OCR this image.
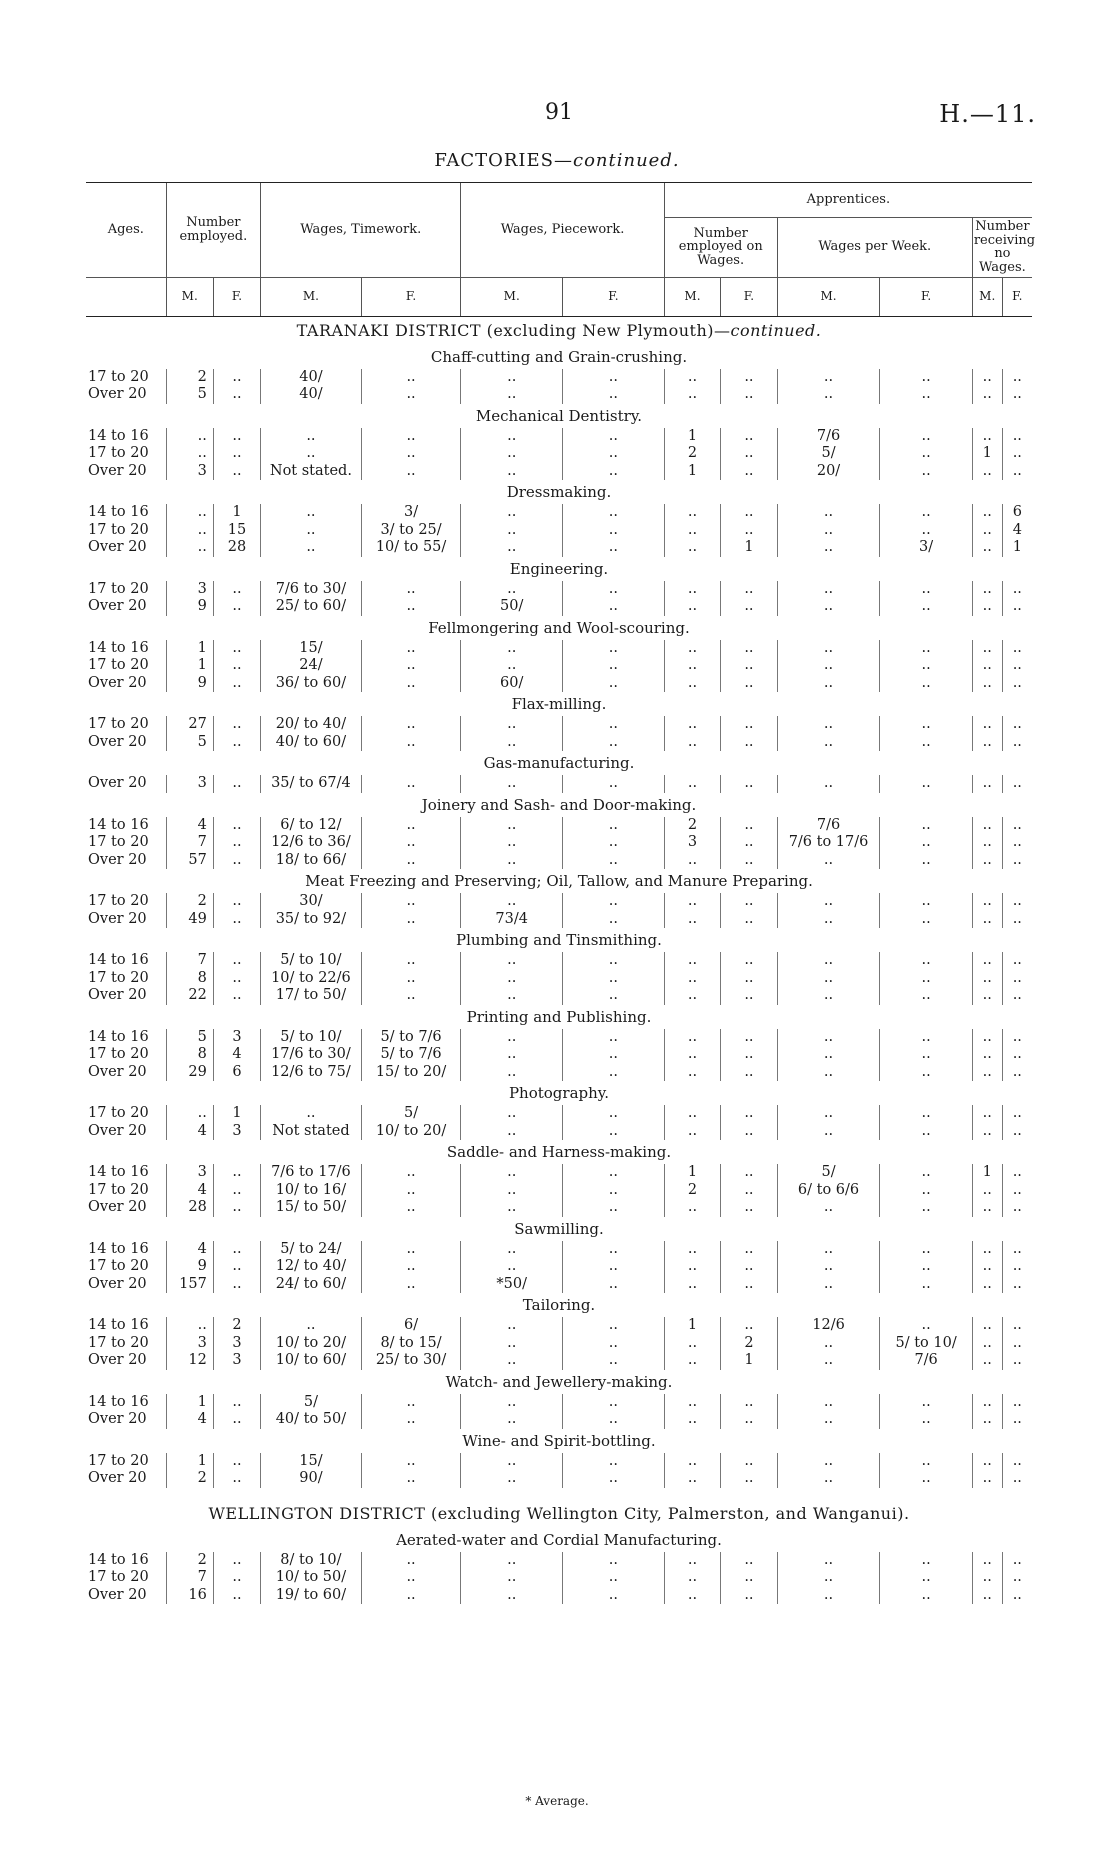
91	H.—11.
FACTORIES—continued.
Ages.	Number employed.		Wages, Timework.		Wages, Piecework.		Apprentices.					
							Number employed on Wages.		Wages per Week.		Number receiving no Wages.	
	M.	F.	M.	F.	M.	F.	M.	F.	M.	F.	M.	F.
TARANAKI DISTRICT (excluding New Plymouth)—continued.												
Chaff-cutting and Grain-crushing.												
17 to 20	2	..	40/	..	..	..	..	..	..	..	..	..
Over 20	5	..	40/	..	..	..	..	..	..	..	..	..
Mechanical Dentistry.												
14 to 16	..	..	..	..	..	..	1	..	7/6	..	..	..
17 to 20	..	..	..	..	..	..	2	..	5/	..	1	..
Over 20	3	..	Not stated.	..	..	..	1	..	20/	..	..	..
Dressmaking.												
14 to 16	..	1	..	3/	..	..	..	..	..	..	..	6
17 to 20	..	15	..	3/ to 25/	..	..	..	..	..	..	..	4
Over 20	..	28	..	10/ to 55/	..	..	..	1	..	3/	..	1
Engineering.												
17 to 20	3	..	7/6 to 30/	..	..	..	..	..	..	..	..	..
Over 20	9	..	25/ to 60/	..	50/	..	..	..	..	..	..	..
Fellmongering and Wool-scouring.												
14 to 16	1	..	15/	..	..	..	..	..	..	..	..	..
17 to 20	1	..	24/	..	..	..	..	..	..	..	..	..
Over 20	9	..	36/ to 60/	..	60/	..	..	..	..	..	..	..
Flax-milling.												
17 to 20	27	..	20/ to 40/	..	..	..	..	..	..	..	..	..
Over 20	5	..	40/ to 60/	..	..	..	..	..	..	..	..	..
Gas-manufacturing.												
Over 20	3	..	35/ to 67/4	..	..	..	..	..	..	..	..	..
Joinery and Sash- and Door-making.												
14 to 16	4	..	6/ to 12/	..	..	..	2	..	7/6	..	..	..
17 to 20	7	..	12/6 to 36/	..	..	..	3	..	7/6 to 17/6	..	..	..
Over 20	57	..	18/ to 66/	..	..	..	..	..	..	..	..	..
Meat Freezing and Preserving; Oil, Tallow, and Manure Preparing.												
17 to 20	2	..	30/	..	..	..	..	..	..	..	..	..
Over 20	49	..	35/ to 92/	..	73/4	..	..	..	..	..	..	..
Plumbing and Tinsmithing.												
14 to 16	7	..	5/ to 10/	..	..	..	..	..	..	..	..	..
17 to 20	8	..	10/ to 22/6	..	..	..	..	..	..	..	..	..
Over 20	22	..	17/ to 50/	..	..	..	..	..	..	..	..	..
Printing and Publishing.												
14 to 16	5	3	5/ to 10/	5/ to 7/6	..	..	..	..	..	..	..	..
17 to 20	8	4	17/6 to 30/	5/ to 7/6	..	..	..	..	..	..	..	..
Over 20	29	6	12/6 to 75/	15/ to 20/	..	..	..	..	..	..	..	..
Photography.												
17 to 20	..	1	..	5/	..	..	..	..	..	..	..	..
Over 20	4	3	Not stated	10/ to 20/	..	..	..	..	..	..	..	..
Saddle- and Harness-making.												
14 to 16	3	..	7/6 to 17/6	..	..	..	1	..	5/	..	1	..
17 to 20	4	..	10/ to 16/	..	..	..	2	..	6/ to 6/6	..	..	..
Over 20	28	..	15/ to 50/	..	..	..	..	..	..	..	..	..
Sawmilling.												
14 to 16	4	..	5/ to 24/	..	..	..	..	..	..	..	..	..
17 to 20	9	..	12/ to 40/	..	..	..	..	..	..	..	..	..
Over 20	157	..	24/ to 60/	..	*50/	..	..	..	..	..	..	..
Tailoring.												
14 to 16	..	2	..	6/	..	..	1	..	12/6	..	..	..
17 to 20	3	3	10/ to 20/	8/ to 15/	..	..	..	2	..	5/ to 10/	..	..
Over 20	12	3	10/ to 60/	25/ to 30/	..	..	..	1	..	7/6	..	..
Watch- and Jewellery-making.												
14 to 16	1	..	5/	..	..	..	..	..	..	..	..	..
Over 20	4	..	40/ to 50/	..	..	..	..	..	..	..	..	..
Wine- and Spirit-bottling.												
17 to 20	1	..	15/	..	..	..	..	..	..	..	..	..
Over 20	2	..	90/	..	..	..	..	..	..	..	..	..

WELLINGTON DISTRICT (excluding Wellington City, Palmerston, and Wanganui).												
Aerated-water and Cordial Manufacturing.												
14 to 16	2	..	8/ to 10/	..	..	..	..	..	..	..	..	..
17 to 20	7	..	10/ to 50/	..	..	..	..	..	..	..	..	..
Over 20	16	..	19/ to 60/	..	..	..	..	..	..	..	..	..
* Average.
